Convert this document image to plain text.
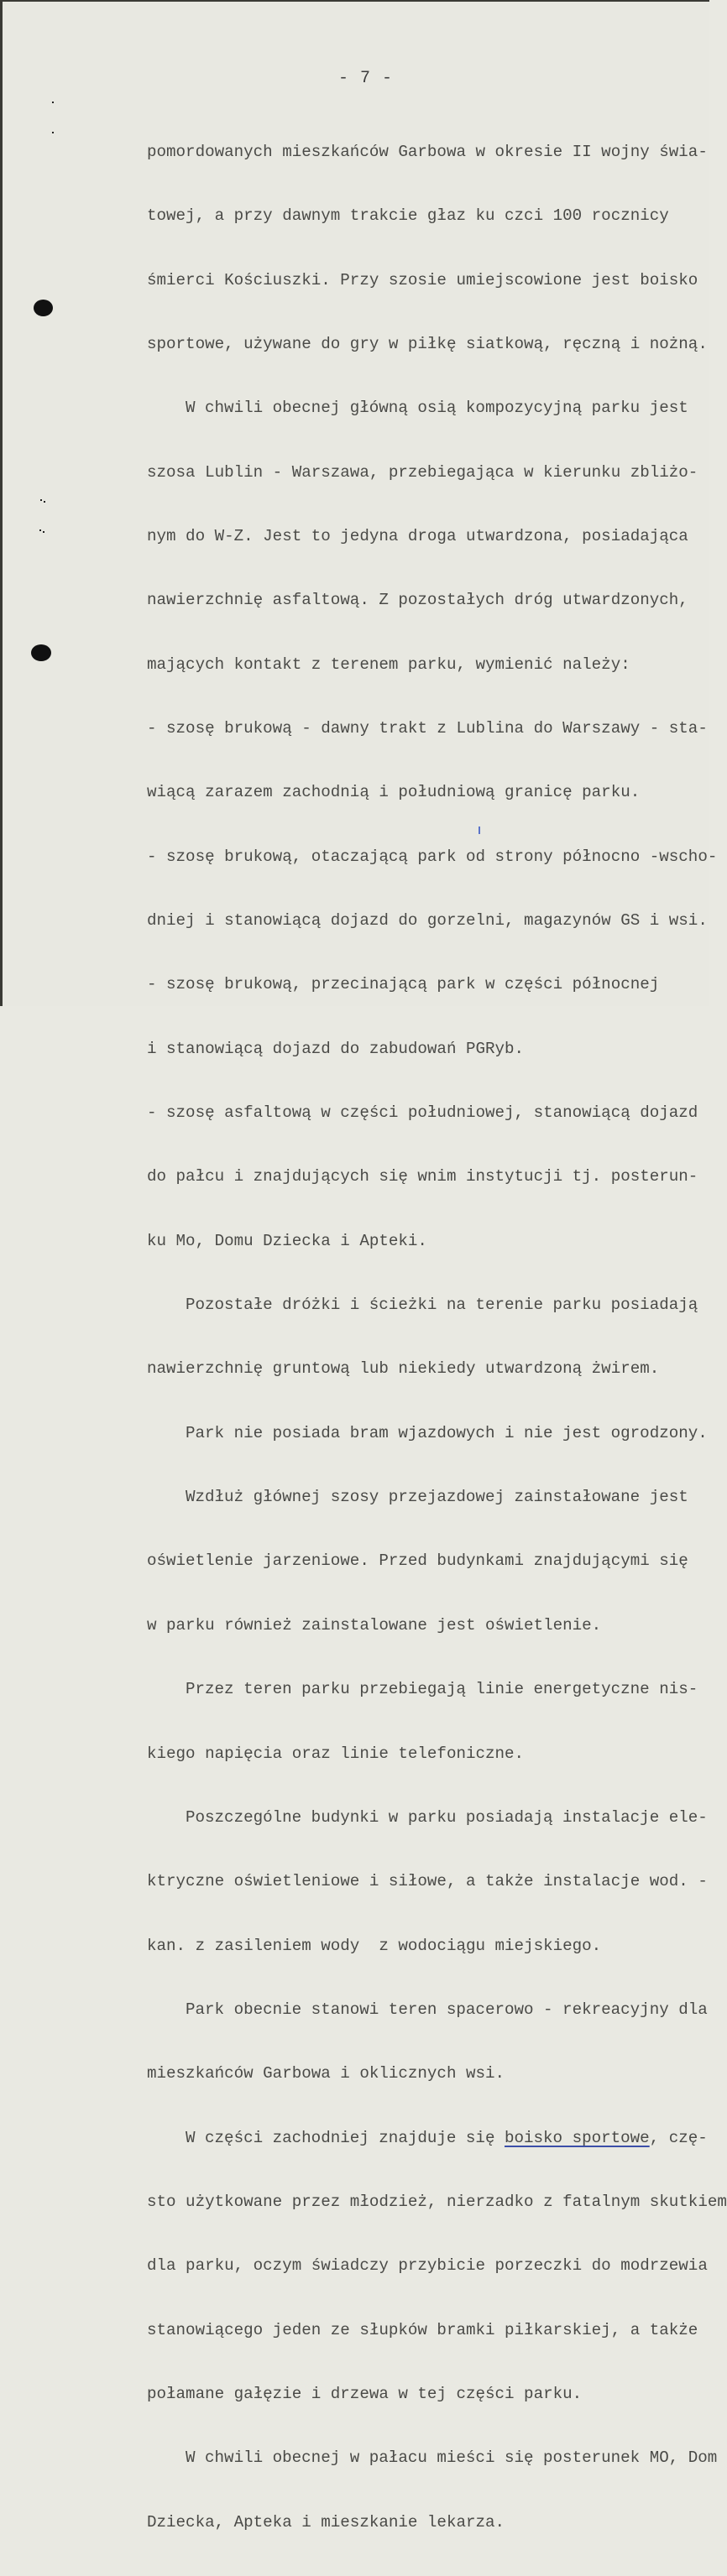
- 7 -

pomordowanych mieszkańców Garbowa w okresie II wojny świa-

towej, a przy dawnym trakcie głaz ku czci 100 rocznicy

śmierci Kościuszki. Przy szosie umiejscowione jest boisko

sportowe, używane do gry w piłkę siatkową, ręczną i nożną.

W chwili obecnej główną osią kompozycyjną parku jest

szosa Lublin - Warszawa, przebiegająca w kierunku zbliżo-

nym do W-Z. Jest to jedyna droga utwardzona, posiadająca

nawierzchnię asfaltową. Z pozostałych dróg utwardzonych,

mających kontakt z terenem parku, wymienić należy:

- szosę brukową - dawny trakt z Lublina do Warszawy - sta-

wiącą zarazem zachodnią i południową granicę parku.

- szosę brukową, otaczającą park od strony północno -wscho-

dniej i stanowiącą dojazd do gorzelni, magazynów GS i wsi.

- szosę brukową, przecinającą park w części północnej

i stanowiącą dojazd do zabudowań PGRyb.

- szosę asfaltową w części południowej, stanowiącą dojazd

do pałcu i znajdujących się wnim instytucji tj. posterun-

ku Mo, Domu Dziecka i Apteki.

Pozostałe dróżki i ścieżki na terenie parku posiadają

nawierzchnię gruntową lub niekiedy utwardzoną żwirem.

Park nie posiada bram wjazdowych i nie jest ogrodzony.

Wzdłuż głównej szosy przejazdowej zainstałowane jest

oświetlenie jarzeniowe. Przed budynkami znajdującymi się

w parku również zainstalowane jest oświetlenie.

Przez teren parku przebiegają linie energetyczne nis-

kiego napięcia oraz linie telefoniczne.

Poszczególne budynki w parku posiadają instalacje ele-

ktryczne oświetleniowe i siłowe, a także instalacje wod. -

kan. z zasileniem wody  z wodociągu miejskiego.

Park obecnie stanowi teren spacerowo - rekreacyjny dla

mieszkańców Garbowa i oklicznych wsi.

W części zachodniej znajduje się boisko sportowe, czę-

sto użytkowane przez młodzież, nierzadko z fatalnym skutkiem

dla parku, oczym świadczy przybicie porzeczki do modrzewia

stanowiącego jeden ze słupków bramki piłkarskiej, a także

połamane gałęzie i drzewa w tej części parku.

W chwili obecnej w pałacu mieści się posterunek MO, Dom

Dziecka, Apteka i mieszkanie lekarza.
